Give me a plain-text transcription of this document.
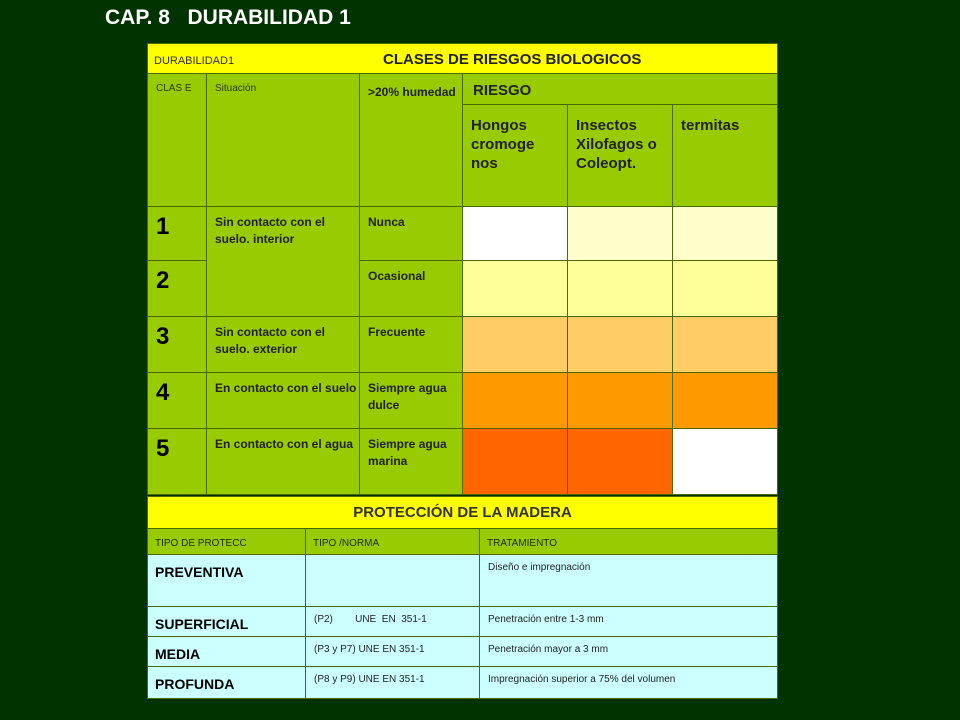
CAP. 8   DURABILIDAD 1
DURABILIDAD1 CLASES DE RIESGOS BIOLOGICOS					

CLAS E	Situación	>20% humedad	RIESGO		
			Hongos cromoge nos	Insectos Xilofagos o Coleopt.	termitas
1	Sin contacto con el suelo. interior	Nunca			
2		Ocasional			
3	Sin contacto con el suelo. exterior	Frecuente			
4	En contacto con el suelo	Siempre agua dulce			
5	En contacto con el agua	Siempre agua marina			
PROTECCIÓN DE LA MADERA		
TIPO DE PROTECC	TIPO /NORMA	TRATAMIENTO
PREVENTIVA		Diseño e impregnación
SUPERFICIAL	(P2)        UNE  EN  351-1	Penetración entre 1-3 mm
MEDIA	(P3 y P7) UNE EN 351-1	Penetración mayor a 3 mm
PROFUNDA	(P8 y P9) UNE EN 351-1	Impregnación superior a 75% del volumen
